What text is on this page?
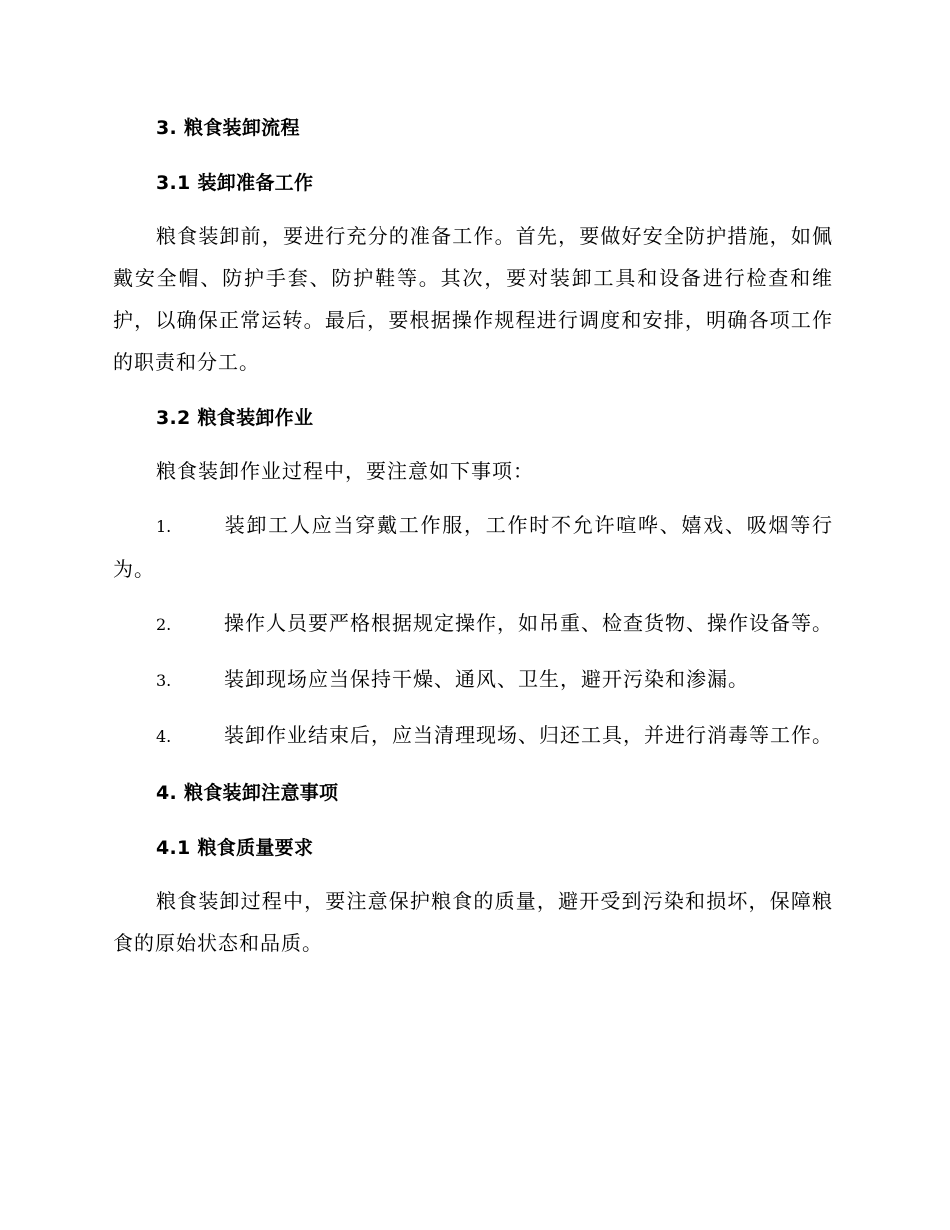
3. 粮食装卸流程

3.1 装卸准备工作

粮食装卸前，要进行充分的准备工作。首先，要做好安全防护措施，如佩戴安全帽、防护手套、防护鞋等。其次，要对装卸工具和设备进行检查和维护，以确保正常运转。最后，要根据操作规程进行调度和安排，明确各项工作的职责和分工。

3.2 粮食装卸作业

粮食装卸作业过程中，要注意如下事项：

1.	装卸工人应当穿戴工作服，工作时不允许喧哗、嬉戏、吸烟等行为。

2.	操作人员要严格根据规定操作，如吊重、检查货物、操作设备等。

3.	装卸现场应当保持干燥、通风、卫生，避开污染和渗漏。

4.	装卸作业结束后，应当清理现场、归还工具，并进行消毒等工作。

4. 粮食装卸注意事项

4.1 粮食质量要求

粮食装卸过程中，要注意保护粮食的质量，避开受到污染和损坏，保障粮食的原始状态和品质。
